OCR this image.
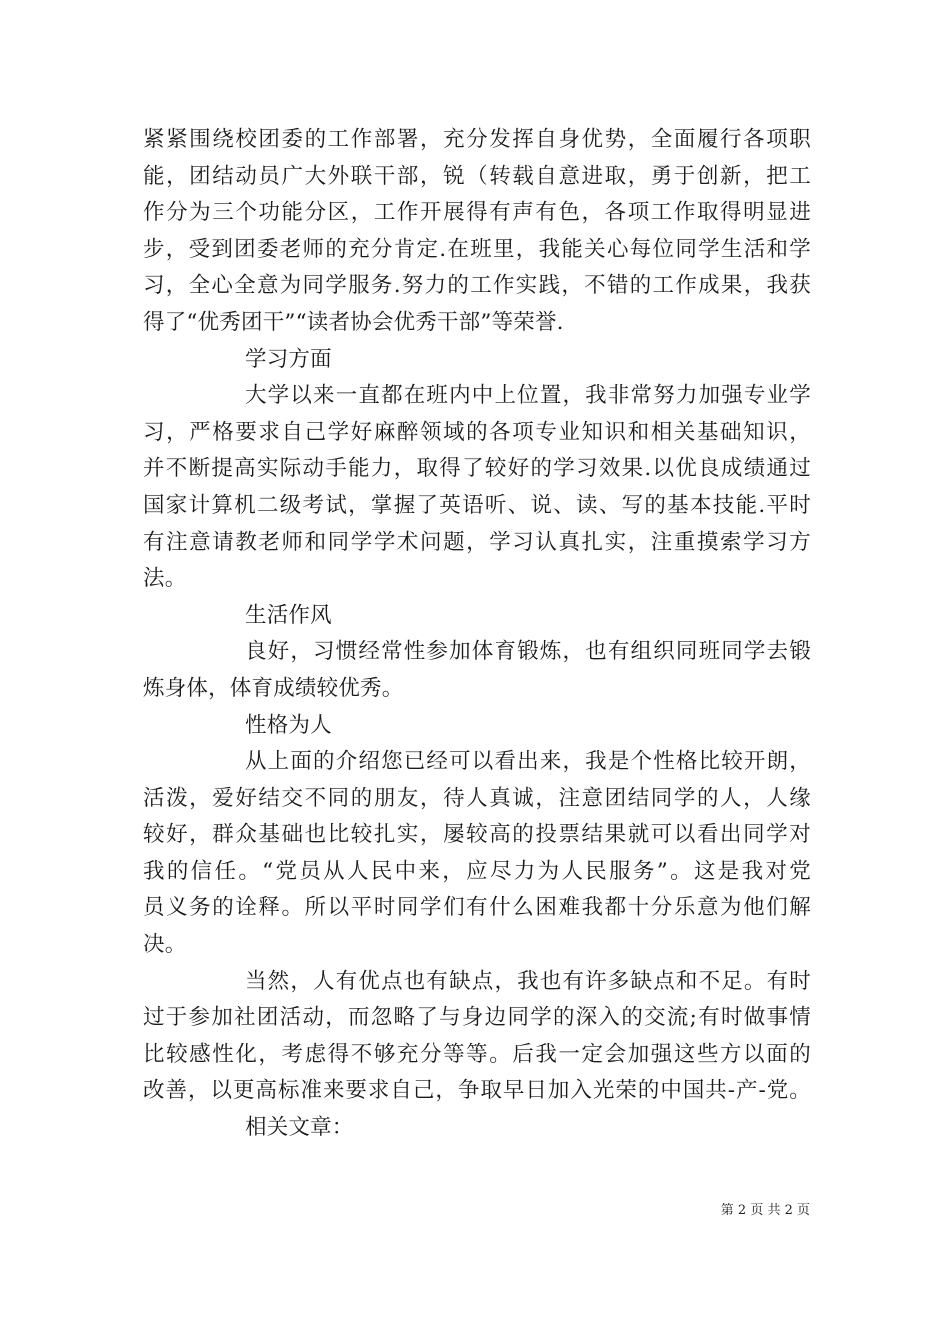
紧紧围绕校团委的工作部署，充分发挥自身优势，全面履行各项职
能，团结动员广大外联干部，锐（转载自意进取，勇于创新，把工
作分为三个功能分区，工作开展得有声有色，各项工作取得明显进
步，受到团委老师的充分肯定.在班里，我能关心每位同学生活和学
习，全心全意为同学服务.努力的工作实践，不错的工作成果，我获
得了“优秀团干”“读者协会优秀干部”等荣誉.
学习方面
大学以来一直都在班内中上位置，我非常努力加强专业学
习，严格要求自己学好麻醉领域的各项专业知识和相关基础知识，
并不断提高实际动手能力，取得了较好的学习效果.以优良成绩通过
国家计算机二级考试，掌握了英语听、说、读、写的基本技能.平时
有注意请教老师和同学学术问题，学习认真扎实，注重摸索学习方
法。
生活作风
良好，习惯经常性参加体育锻炼，也有组织同班同学去锻
炼身体，体育成绩较优秀。
性格为人
从上面的介绍您已经可以看出来，我是个性格比较开朗，
活泼，爱好结交不同的朋友，待人真诚，注意团结同学的人，人缘
较好，群众基础也比较扎实，屡较高的投票结果就可以看出同学对
我的信任。“党员从人民中来，应尽力为人民服务”。这是我对党
员义务的诠释。所以平时同学们有什么困难我都十分乐意为他们解
决。
当然，人有优点也有缺点，我也有许多缺点和不足。有时
过于参加社团活动，而忽略了与身边同学的深入的交流;有时做事情
比较感性化，考虑得不够充分等等。后我一定会加强这些方以面的
改善，以更高标准来要求自己，争取早日加入光荣的中国共-产-党。
相关文章：
第 2 页 共 2 页
